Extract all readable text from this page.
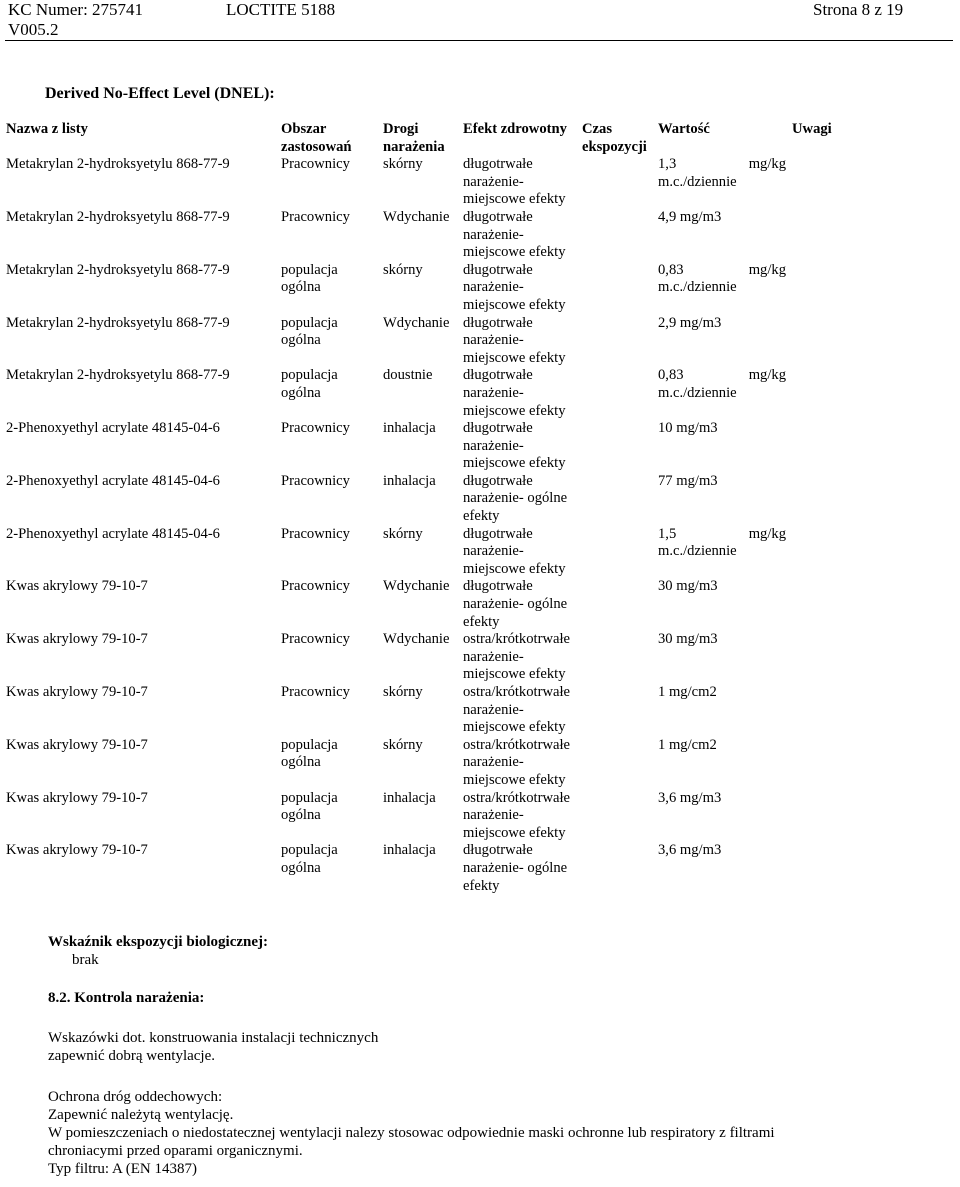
KC Numer: 275741	LOCTITE 5188	Strona 8 z 19
V005.2
Derived No-Effect Level (DNEL):
Nazwa z listy	Obszar zastosowań	Drogi narażenia	Efekt zdrowotny	Czas ekspozycji	Wartość	Uwagi
Metakrylan 2-hydroksyetylu 868-77-9	Pracownicy	skórny	długotrwałe narażenie- miejscowe efekty		1,3 mg/kg m.c./dziennie	
Metakrylan 2-hydroksyetylu 868-77-9	Pracownicy	Wdychanie	długotrwałe narażenie- miejscowe efekty		4,9 mg/m3	
Metakrylan 2-hydroksyetylu 868-77-9	populacja ogólna	skórny	długotrwałe narażenie- miejscowe efekty		0,83 mg/kg m.c./dziennie	
Metakrylan 2-hydroksyetylu 868-77-9	populacja ogólna	Wdychanie	długotrwałe narażenie- miejscowe efekty		2,9 mg/m3	
Metakrylan 2-hydroksyetylu 868-77-9	populacja ogólna	doustnie	długotrwałe narażenie- miejscowe efekty		0,83 mg/kg m.c./dziennie	
2-Phenoxyethyl acrylate 48145-04-6	Pracownicy	inhalacja	długotrwałe narażenie- miejscowe efekty		10 mg/m3	
2-Phenoxyethyl acrylate 48145-04-6	Pracownicy	inhalacja	długotrwałe narażenie- ogólne efekty		77 mg/m3	
2-Phenoxyethyl acrylate 48145-04-6	Pracownicy	skórny	długotrwałe narażenie- miejscowe efekty		1,5 mg/kg m.c./dziennie	
Kwas akrylowy 79-10-7	Pracownicy	Wdychanie	długotrwałe narażenie- ogólne efekty		30 mg/m3	
Kwas akrylowy 79-10-7	Pracownicy	Wdychanie	ostra/krótkotrwałe narażenie- miejscowe efekty		30 mg/m3	
Kwas akrylowy 79-10-7	Pracownicy	skórny	ostra/krótkotrwałe narażenie- miejscowe efekty		1 mg/cm2	
Kwas akrylowy 79-10-7	populacja ogólna	skórny	ostra/krótkotrwałe narażenie- miejscowe efekty		1 mg/cm2	
Kwas akrylowy 79-10-7	populacja ogólna	inhalacja	ostra/krótkotrwałe narażenie- miejscowe efekty		3,6 mg/m3	
Kwas akrylowy 79-10-7	populacja ogólna	inhalacja	długotrwałe narażenie- ogólne efekty		3,6 mg/m3	
Wskaźnik ekspozycji biologicznej:
brak
8.2. Kontrola narażenia:
Wskazówki dot. konstruowania instalacji technicznych
zapewnić dobrą wentylacje.
Ochrona dróg oddechowych:
Zapewnić należytą wentylację.
W pomieszczeniach o niedostatecznej wentylacji nalezy stosowac odpowiednie maski ochronne lub respiratory z filtrami
chroniacymi przed oparami organicznymi.
Typ filtru: A (EN 14387)
